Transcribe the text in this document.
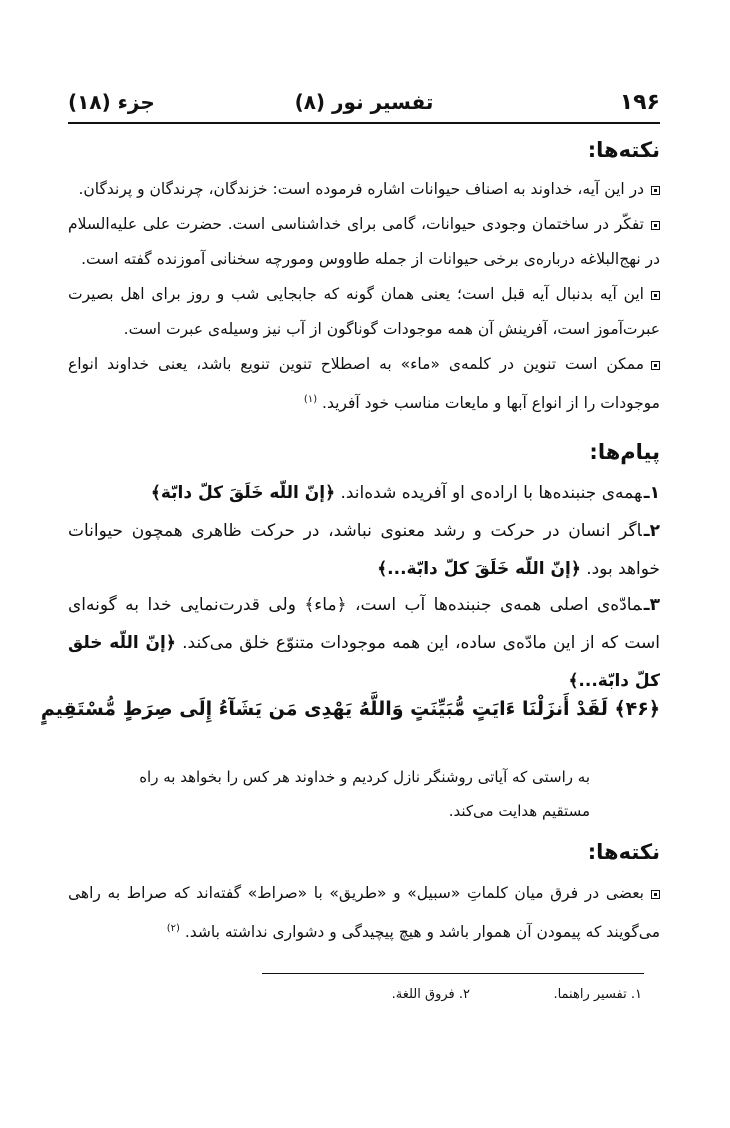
۱۹۶
تفسیر نور (۸)
جزء (۱۸)
نکته‌ها:
در این آیه، خداوند به اصناف حیوانات اشاره فرموده است: خزندگان، چرندگان و پرندگان.
تفکّر در ساختمان وجودی حیوانات، گامی برای خداشناسی است. حضرت علی علیه‌السلام در نهج‌البلاغه درباره‌ی برخی حیوانات از جمله طاووس ومورچه سخنانی آموزنده گفته است.
این آیه بدنبال آیه قبل است؛ یعنی همان گونه که جابجایی شب و روز برای اهل بصیرت عبرت‌آموز است، آفرینش آن همه موجودات گوناگون از آب نیز وسیله‌ی عبرت است.
ممکن است تنوین در کلمه‌ی «ماء» به اصطلاح تنوین تنویع باشد، یعنی خداوند انواع موجودات را از انواع آبها و مایعات مناسب خود آفرید. $^{(۱)}$
پیام‌ها:
۱ـهمه‌ی جنبنده‌ها با اراده‌ی او آفریده شده‌اند. ﴿إنّ اللّه خَلَقَ کلّ دابّة﴾
۲ـاگر انسان در حرکت و رشد معنوی نباشد، در حرکت ظاهری همچون حیوانات خواهد بود. ﴿إنّ اللّه خَلَقَ کلّ دابّة...﴾
۳ـمادّه‌ی اصلی همه‌ی جنبنده‌ها آب است، ﴿ماء﴾ ولی قدرت‌نمایی خدا به گونه‌ای است که از این مادّه‌ی ساده، این همه موجودات متنوّع خلق می‌کند. ﴿إنّ اللّه خلق کلّ دابّة...﴾
﴿۴۶﴾ لَقَدْ أَنزَلْنَا ءَايَتٍ مُّبَيِّنَتٍ وَاللَّهُ يَهْدِى مَن يَشَآءُ إِلَى صِرَطٍ مُّسْتَقِيمٍ
به راستی که آیاتی روشنگر نازل کردیم و خداوند هر کس را بخواهد به راه مستقیم هدایت می‌کند.
نکته‌ها:
بعضی در فرق میان کلماتِ «سبیل» و «طریق» با «صراط» گفته‌اند که صراط به راهی می‌گویند که پیمودن آن هموار باشد و هیچ پیچیدگی و دشواری نداشته باشد. $^{(۲)}$
۱. تفسیر راهنما.
۲. فروق اللغة.
